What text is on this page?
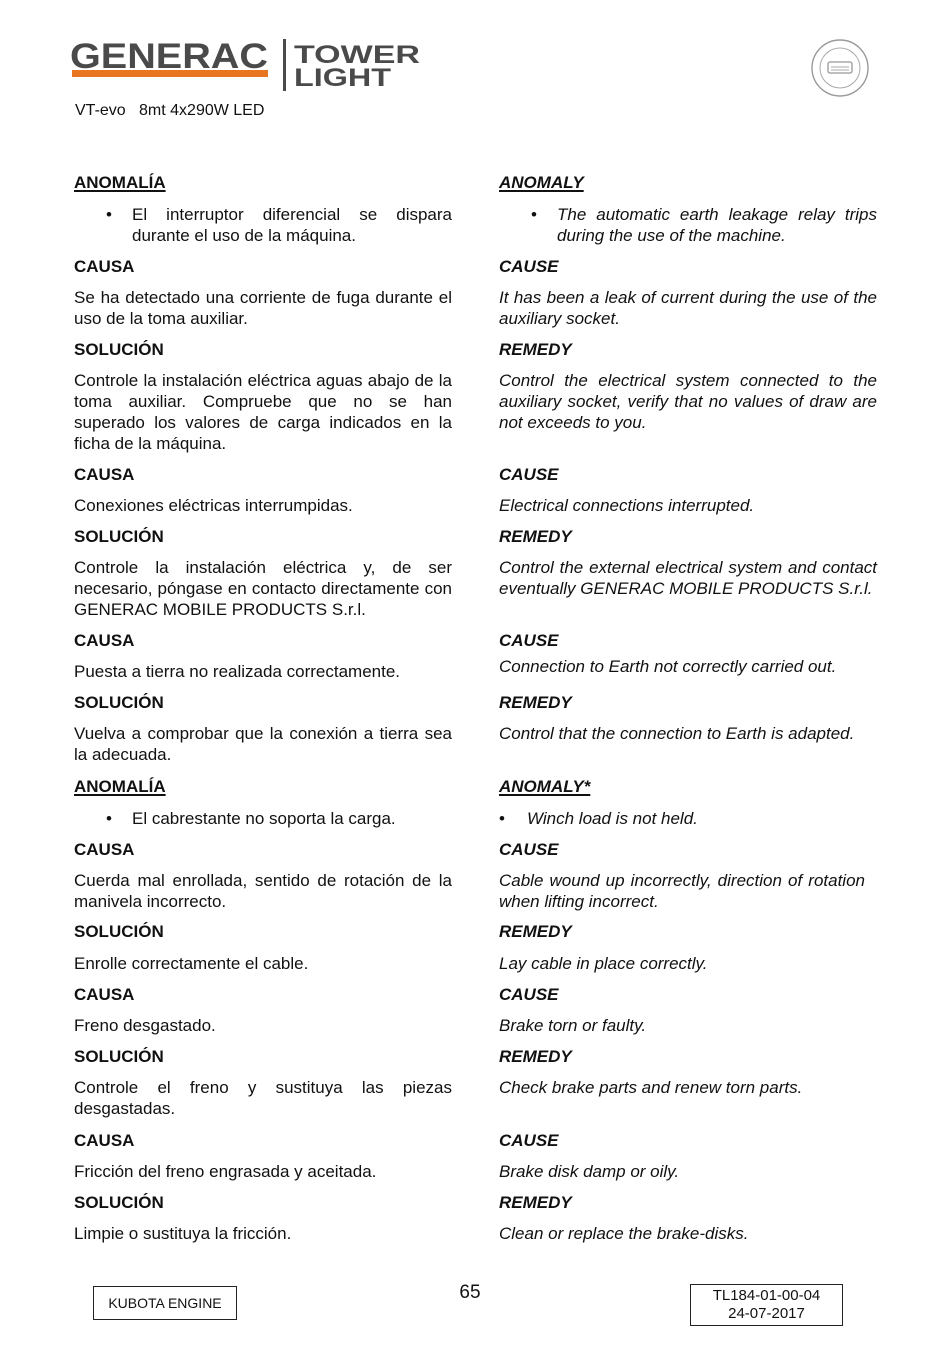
GENERAC TOWER
LIGHT
VT-evo   8mt 4x290W LED
ANOMALÍA
• El interruptor diferencial se dispara durante el uso de la máquina.
CAUSA
Se ha detectado una corriente de fuga durante el uso de la toma auxiliar.
SOLUCIÓN
Controle la instalación eléctrica aguas abajo de la toma auxiliar. Compruebe que no se han superado los valores de carga indicados en la ficha de la máquina.
CAUSA
Conexiones eléctricas interrumpidas.
SOLUCIÓN
Controle la instalación eléctrica y, de ser necesario, póngase en contacto directamente con GENERAC MOBILE PRODUCTS S.r.l.
CAUSA
Puesta a tierra no realizada correctamente.
SOLUCIÓN
Vuelva a comprobar que la conexión a tierra sea la adecuada.
ANOMALÍA
• El cabrestante no soporta la carga.
CAUSA
Cuerda mal enrollada, sentido de rotación de la manivela incorrecto.
SOLUCIÓN
Enrolle correctamente el cable.
CAUSA
Freno desgastado.
SOLUCIÓN
Controle el freno y sustituya las piezas desgastadas.
CAUSA
Fricción del freno engrasada y aceitada.
SOLUCIÓN
Limpie o sustituya la fricción.
ANOMALY
• The automatic earth leakage relay trips during the use of the machine.
CAUSE
It has been a leak of current during the use of the auxiliary socket.
REMEDY
Control the electrical system connected to the auxiliary socket, verify that no values of draw are not exceeds to you.
CAUSE
Electrical connections interrupted.
REMEDY
Control the external electrical system and contact eventually GENERAC MOBILE PRODUCTS S.r.l.
CAUSE
Connection to Earth not correctly carried out.
REMEDY
Control that the connection to Earth is adapted.
ANOMALY*
• Winch load is not held.
CAUSE
Cable wound up incorrectly, direction of rotation when lifting incorrect.
REMEDY
Lay cable in place correctly.
CAUSE
Brake torn or faulty.
REMEDY
Check brake parts and renew torn parts.
CAUSE
Brake disk damp or oily.
REMEDY
Clean or replace the brake-disks.
KUBOTA ENGINE	65	TL184-01-00-04
24-07-2017
